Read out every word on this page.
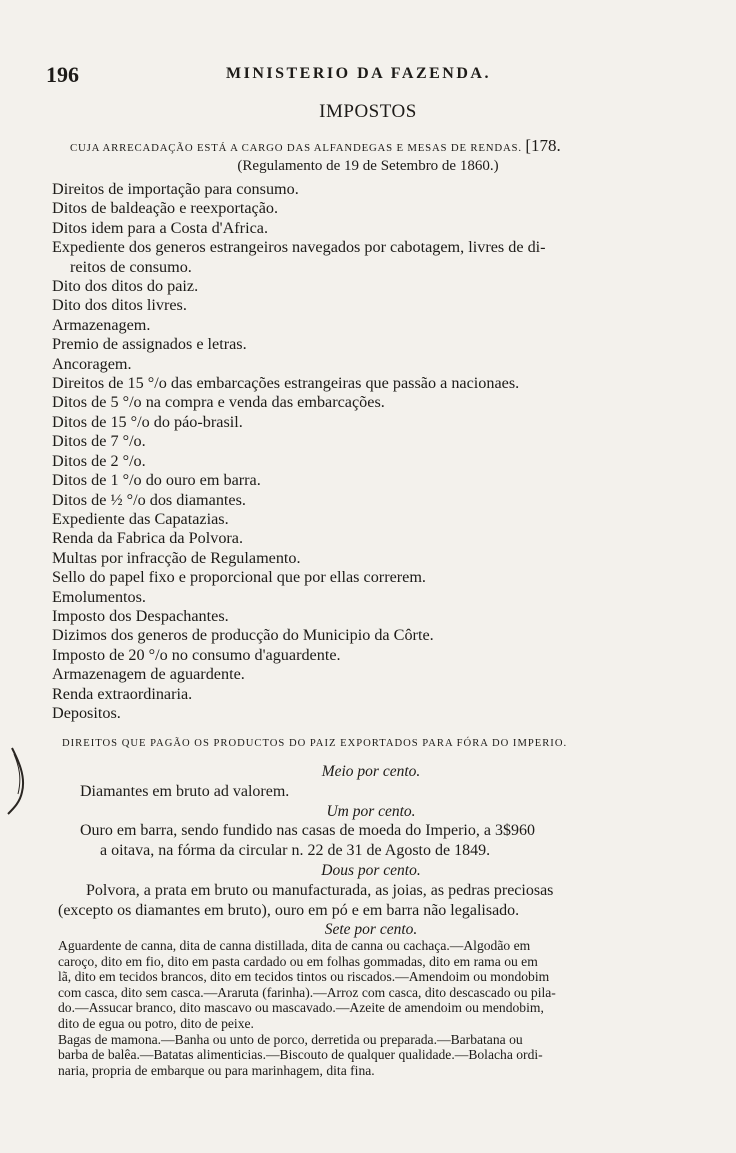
196	MINISTERIO DA FAZENDA.
IMPOSTOS
CUJA ARRECADAÇÃO ESTÁ A CARGO DAS ALFANDEGAS E MESAS DE RENDAS. [178.
(Regulamento de 19 de Setembro de 1860.)
Direitos de importação para consumo.
Ditos de baldeação e reexportação.
Ditos idem para a Costa d'Africa.
Expediente dos generos estrangeiros navegados por cabotagem, livres de di-
reitos de consumo.
Dito dos ditos do paiz.
Dito dos ditos livres.
Armazenagem.
Premio de assignados e letras.
Ancoragem.
Direitos de 15 °/o das embarcações estrangeiras que passão a nacionaes.
Ditos de 5 °/o na compra e venda das embarcações.
Ditos de 15 °/o do páo-brasil.
Ditos de 7 °/o.
Ditos de 2 °/o.
Ditos de 1 °/o do ouro em barra.
Ditos de ½ °/o dos diamantes.
Expediente das Capatazias.
Renda da Fabrica da Polvora.
Multas por infracção de Regulamento.
Sello do papel fixo e proporcional que por ellas correrem.
Emolumentos.
Imposto dos Despachantes.
Dizimos dos generos de producção do Municipio da Côrte.
Imposto de 20 °/o no consumo d'aguardente.
Armazenagem de aguardente.
Renda extraordinaria.
Depositos.
DIREITOS QUE PAGÃO OS PRODUCTOS DO PAIZ EXPORTADOS PARA FÓRA DO IMPERIO.
Meio por cento.
Diamantes em bruto ad valorem.
Um por cento.
Ouro em barra, sendo fundido nas casas de moeda do Imperio, a 3$960
a oitava, na fórma da circular n. 22 de 31 de Agosto de 1849.
Dous por cento.
Polvora, a prata em bruto ou manufacturada, as joias, as pedras preciosas
(excepto os diamantes em bruto), ouro em pó e em barra não legalisado.
Sete por cento.
Aguardente de canna, dita de canna distillada, dita de canna ou cachaça.—Algodão em
caroço, dito em fio, dito em pasta cardado ou em folhas gommadas, dito em rama ou em
lã, dito em tecidos brancos, dito em tecidos tintos ou riscados.—Amendoim ou mondobim
com casca, dito sem casca.—Araruta (farinha).—Arroz com casca, dito descascado ou pila-
do.—Assucar branco, dito mascavo ou mascavado.—Azeite de amendoim ou mendobim,
dito de egua ou potro, dito de peixe.
Bagas de mamona.—Banha ou unto de porco, derretida ou preparada.—Barbatana ou
barba de balêa.—Batatas alimenticias.—Biscouto de qualquer qualidade.—Bolacha ordi-
naria, propria de embarque ou para marinhagem, dita fina.
